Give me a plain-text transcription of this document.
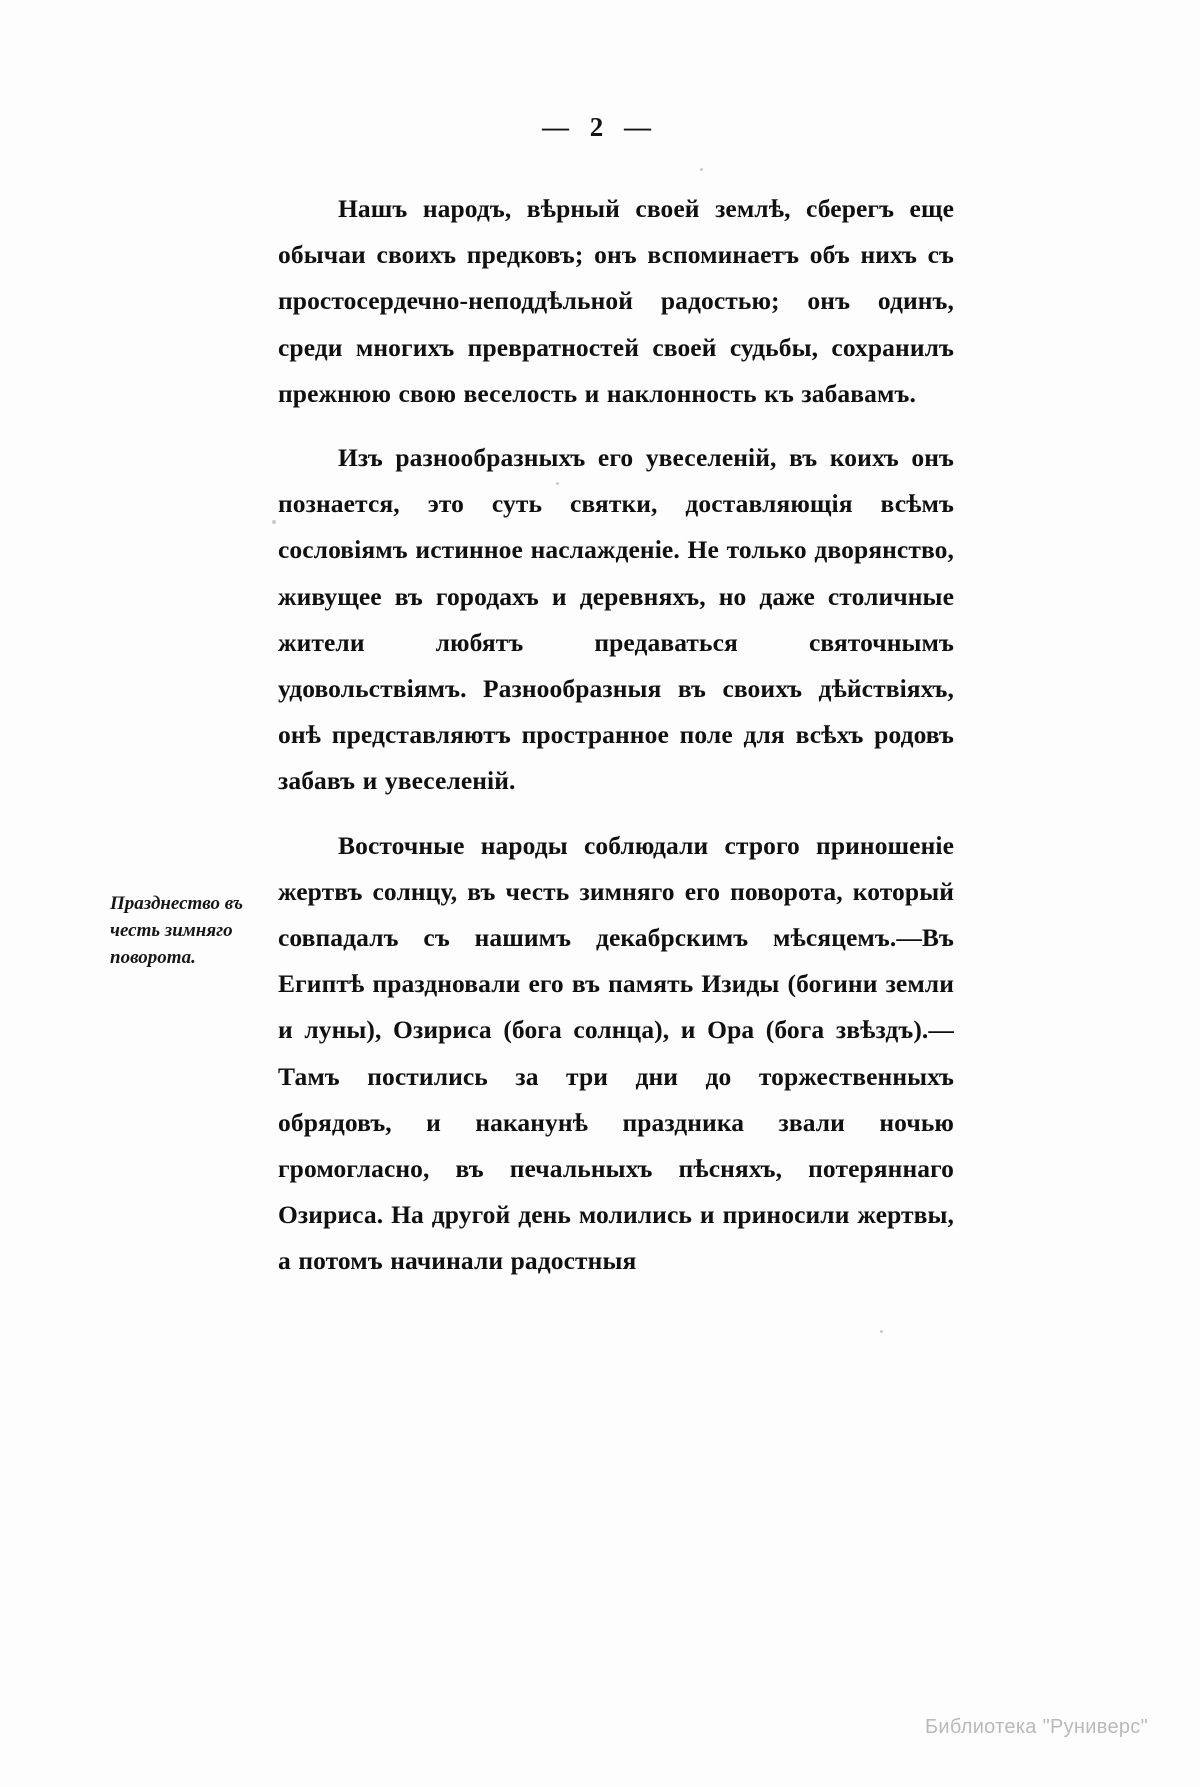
— 2 —
Празднество въ честь зимняго поворота.

Нашъ народъ, вѣрный своей землѣ, сберегъ еще обычаи своихъ предковъ; онъ вспоминаетъ объ нихъ съ простосердечно-неподдѣльной радостью; онъ одинъ, среди многихъ превратностей своей судьбы, сохранилъ прежнюю свою веселость и наклонность къ забавамъ.

Изъ разнообразныхъ его увеселеній, въ коихъ онъ познается, это суть святки, доставляющія всѣмъ сословіямъ истинное наслажденіе. Не только дворянство, живущее въ городахъ и деревняхъ, но даже столичные жители любятъ предаваться святочнымъ удовольствіямъ. Разнообразныя въ своихъ дѣйствіяхъ, онѣ представляютъ пространное поле для всѣхъ родовъ забавъ и увеселеній.

Восточные народы соблюдали строго приношеніе жертвъ солнцу, въ честь зимняго его поворота, который совпадалъ съ нашимъ декабрскимъ мѣсяцемъ.—Въ Египтѣ праздновали его въ память Изиды (богини земли и луны), Озириса (бога солнца), и Ора (бога звѣздъ).—Тамъ постились за три дни до торжественныхъ обрядовъ, и наканунѣ праздника звали ночью громогласно, въ печальныхъ пѣсняхъ, потеряннаго Озириса. На другой день молились и приносили жертвы, а потомъ начинали радостныя

Библиотека "Руниверс"
